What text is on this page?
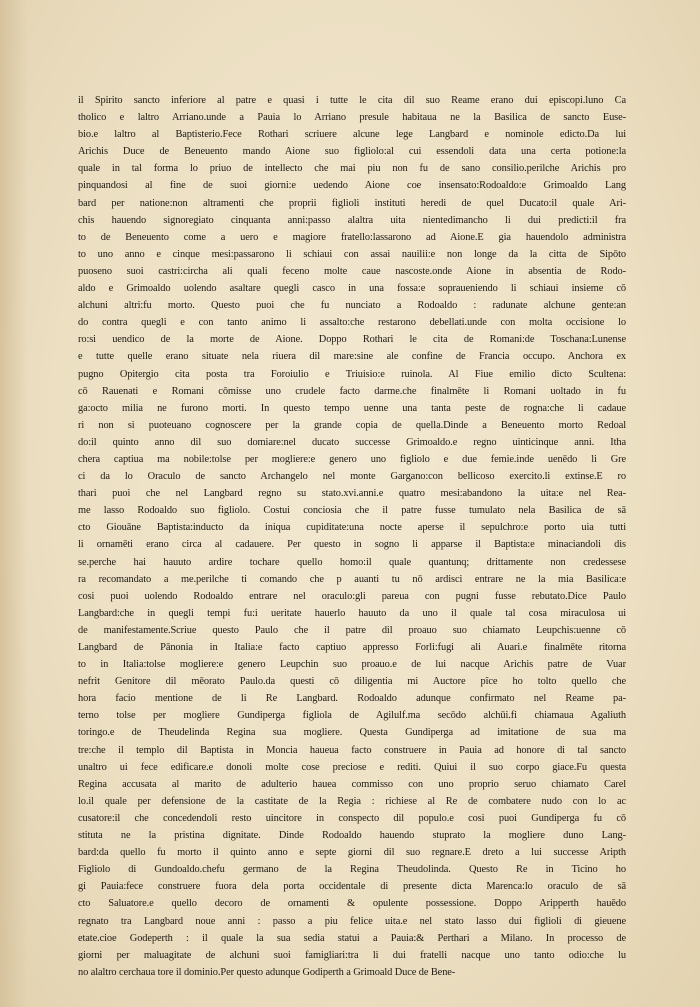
il Spirito sancto inferiore al patre e quasi i tutte le cita dil suo Reame erano dui episcopi.luno Ca
tholico e laltro Arriano.unde a Pauia lo Arriano presule habitaua ne la Basilica de sancto Euse-
bio.e laltro al Baptisterio.Fece Rothari scriuere alcune lege Langbard e nominole edicto.Da lui
Arichis Duce de Beneuento mando Aione suo figliolo:al cui essendoli data una certa potione:la
quale in tal forma lo priuo de intellecto che mai piu non fu de sano consilio.perilche Arichis pro
pinquandosi al fine de suoi giorni:e uedendo Aione coe insensato:Rodoaldo:e Grimoaldo Lang
bard per natione:non altramenti che proprii figlioli instituti heredi de quel Ducato:il quale Ari-
chis hauendo signoregiato cinquanta anni:passo alaltra uita nientedimancho li dui predicti:il fra
to de Beneuento come a uero e magiore fratello:lassarono ad Aione.E gia hauendolo administra
to uno anno e cinque mesi:passarono li schiaui con assai nauilii:e non longe da la citta de Sipōto
puoseno suoi castri:circha ali quali feceno molte caue nascoste.onde Aione in absentia de Rodo-
aldo e Grimoaldo uolendo asaltare quegli casco in una fossa:e sopraueniendo li schiaui insieme cō
alchuni altri:fu morto. Questo puoi che fu nunciato a Rodoaldo : radunate alchune gente:an
do contra quegli e con tanto animo li assalto:che restarono debellati.unde con molta occisione lo
ro:si uendico de la morte de Aione. Doppo Rothari le cita de Romani:de Toschana:Lunense
e tutte quelle erano situate nela riuera dil mare:sine ale confine de Francia occupo. Anchora ex
pugno Opitergio cita posta tra Foroiulio e Triuisio:e ruinola. Al Fiue emilio dicto Scultena:
cō Rauenati e Romani cōmisse uno crudele facto darme.che finalmēte li Romani uoltado in fu
ga:octo milia ne furono morti. In questo tempo uenne una tanta peste de rogna:che li cadaue
ri non si puoteuano cognoscere per la grande copia de quella.Dinde a Beneuento morto Redoal
do:il quinto anno dil suo domiare:nel ducato successe Grimoaldo.e regno uinticinque anni. Itha
chera captiua ma nobile:tolse per mogliere:e genero uno figliolo e due femie.inde uenēdo li Gre
ci da lo Oraculo de sancto Archangelo nel monte Gargano:con bellicoso exercito.li extinse.E ro
thari puoi che nel Langbard regno su stato.xvi.anni.e quatro mesi:abandono la uita:e nel Rea-
me lasso Rodoaldo suo figliolo. Costui conciosia che il patre fusse tumulato nela Basilica de sā
cto Giouāne Baptista:inducto da iniqua cupiditate:una nocte aperse il sepulchro:e porto uia tutti
li ornamēti erano circa al cadauere. Per questo in sogno li apparse il Baptista:e minaciandoli dis
se.perche hai hauuto ardire tochare quello homo:il quale quantunq; drittamente non credessese
ra recomandato a me.perilche ti comando che p auanti tu nō ardisci entrare ne la mia Basilica:e
cosi puoi uolendo Rodoaldo entrare nel oraculo:gli pareua con pugni fusse rebutato.Dice Paulo
Langbard:che in quegli tempi fu:i ueritate hauerlo hauuto da uno il quale tal cosa miraculosa ui
de manifestamente.Scriue questo Paulo che il patre dil proauo suo chiamato Leupchis:uenne cō
Langbard de Pānonia in Italia:e facto captiuo appresso Forli:fugi ali Auari.e finalmēte ritorna
to in Italia:tolse mogliere:e genero Leupchin suo proauo.e de lui nacque Arichis patre de Vuar
nefrit Genitore dil mēorato Paulo.da questi cō diligentia mi Auctore pîce ho tolto quello che
hora facio mentione de li Re Langbard. Rodoaldo adunque confirmato nel Reame pa-
terno tolse per mogliere Gundiperga figliola de Agilulf.ma secōdo alchūi.fi chiamaua Agaliuth
toringo.e de Theudelinda Regina sua mogliere. Questa Gundiperga ad imitatione de sua ma
tre:che il templo dil Baptista in Moncia haueua facto construere in Pauia ad honore di tal sancto
unaltro ui fece edificare.e donoli molte cose preciose e rediti. Quiui il suo corpo giace.Fu questa
Regina accusata al marito de adulterio hauea commisso con uno proprio seruo chiamato Carel
lo.il quale per defensione de la castitate de la Regia : richiese al Re de combatere nudo con lo ac
cusatore:il che concedendoli resto uincitore in conspecto dil populo.e cosi puoi Gundiperga fu cō
stituta ne la pristina dignitate. Dinde Rodoaldo hauendo stuprato la mogliere duno Lang-
bard:da quello fu morto il quinto anno e septe giorni dil suo regnare.E dreto a lui successe Aripth
Figliolo di Gundoaldo.chefu germano de la Regina Theudolinda. Questo Re in Ticino ho
gi Pauia:fece construere fuora dela porta occidentale di presente dicta Marenca:lo oraculo de sā
cto Saluatore.e quello decoro de ornamenti & opulente possessione. Doppo Aripperth hauēdo
regnato tra Langbard noue anni : passo a piu felice uita.e nel stato lasso dui figlioli di gieuene
etate.cioe Godeperth : il quale la sua sedia statui a Pauia:& Perthari a Milano. In processo de
giorni per maluagitate de alchuni suoi famigliari:tra li dui fratelli nacque uno tanto odio:che lu
no alaltro cerchaua tore il dominio.Per questo adunque Godiperth a Grimoald Duce de Bene-
